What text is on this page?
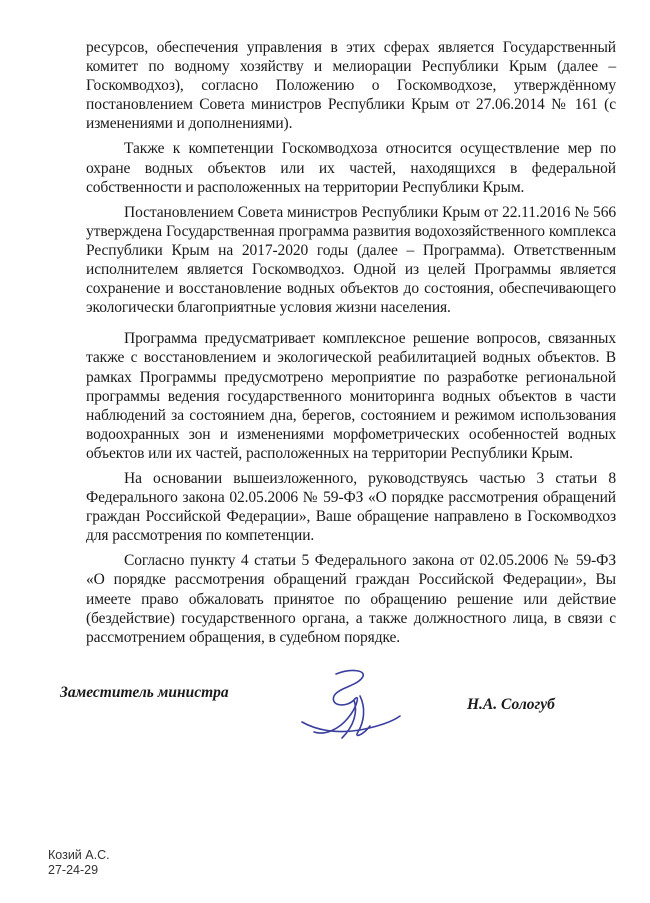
ресурсов, обеспечения управления в этих сферах является Государственный комитет по водному хозяйству и мелиорации Республики Крым (далее – Госкомводхоз), согласно Положению о Госкомводхозе, утверждённому постановлением Совета министров Республики Крым от 27.06.2014 № 161 (с изменениями и дополнениями).

Также к компетенции Госкомводхоза относится осуществление мер по охране водных объектов или их частей, находящихся в федеральной собственности и расположенных на территории Республики Крым.

Постановлением Совета министров Республики Крым от 22.11.2016 № 566 утверждена Государственная программа развития водохозяйственного комплекса Республики Крым на 2017-2020 годы (далее – Программа). Ответственным исполнителем является Госкомводхоз. Одной из целей Программы является сохранение и восстановление водных объектов до состояния, обеспечивающего экологически благоприятные условия жизни населения.

Программа предусматривает комплексное решение вопросов, связанных также с восстановлением и экологической реабилитацией водных объектов. В рамках Программы предусмотрено мероприятие по разработке региональной программы ведения государственного мониторинга водных объектов в части наблюдений за состоянием дна, берегов, состоянием и режимом использования водоохранных зон и изменениями морфометрических особенностей водных объектов или их частей, расположенных на территории Республики Крым.

На основании вышеизложенного, руководствуясь частью 3 статьи 8 Федерального закона 02.05.2006 № 59-ФЗ «О порядке рассмотрения обращений граждан Российской Федерации», Ваше обращение направлено в Госкомводхоз для рассмотрения по компетенции.

Согласно пункту 4 статьи 5 Федерального закона от 02.05.2006 № 59-ФЗ «О порядке рассмотрения обращений граждан Российской Федерации», Вы имеете право обжаловать принятое по обращению решение или действие (бездействие) государственного органа, а также должностного лица, в связи с рассмотрением обращения, в судебном порядке.

Заместитель министра
Н.А. Сологуб
Козий А.С.
27-24-29
